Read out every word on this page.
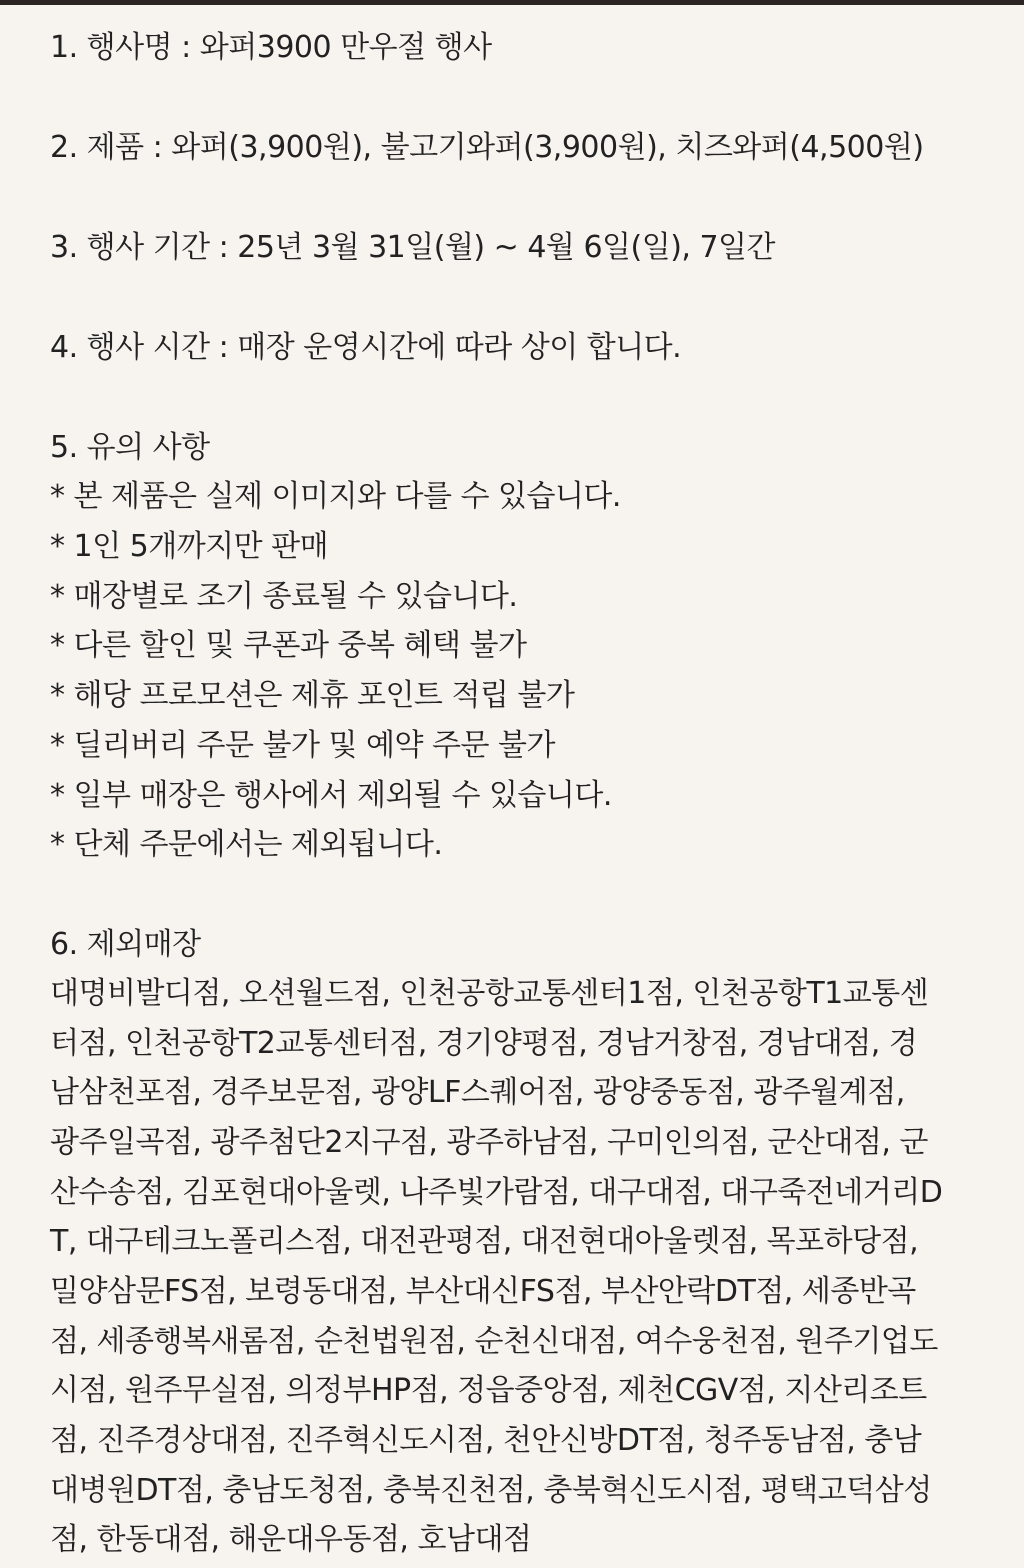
1. 행사명 : 와퍼3900 만우절 행사
2. 제품 : 와퍼(3,900원), 불고기와퍼(3,900원), 치즈와퍼(4,500원)
3. 행사 기간 : 25년 3월 31일(월) ~ 4월 6일(일), 7일간
4. 행사 시간 : 매장 운영시간에 따라 상이 합니다.
5. 유의 사항
* 본 제품은 실제 이미지와 다를 수 있습니다.
* 1인 5개까지만 판매
* 매장별로 조기 종료될 수 있습니다.
* 다른 할인 및 쿠폰과 중복 혜택 불가
* 해당 프로모션은 제휴 포인트 적립 불가
* 딜리버리 주문 불가 및 예약 주문 불가
* 일부 매장은 행사에서 제외될 수 있습니다.
* 단체 주문에서는 제외됩니다.
6. 제외매장
대명비발디점, 오션월드점, 인천공항교통센터1점, 인천공항T1교통센
터점, 인천공항T2교통센터점, 경기양평점, 경남거창점, 경남대점, 경
남삼천포점, 경주보문점, 광양LF스퀘어점, 광양중동점, 광주월계점,
광주일곡점, 광주첨단2지구점, 광주하남점, 구미인의점, 군산대점, 군
산수송점, 김포현대아울렛, 나주빛가람점, 대구대점, 대구죽전네거리D
T, 대구테크노폴리스점, 대전관평점, 대전현대아울렛점, 목포하당점,
밀양삼문FS점, 보령동대점, 부산대신FS점, 부산안락DT점, 세종반곡
점, 세종행복새롬점, 순천법원점, 순천신대점, 여수웅천점, 원주기업도
시점, 원주무실점, 의정부HP점, 정읍중앙점, 제천CGV점, 지산리조트
점, 진주경상대점, 진주혁신도시점, 천안신방DT점, 청주동남점, 충남
대병원DT점, 충남도청점, 충북진천점, 충북혁신도시점, 평택고덕삼성
점, 한동대점, 해운대우동점, 호남대점
